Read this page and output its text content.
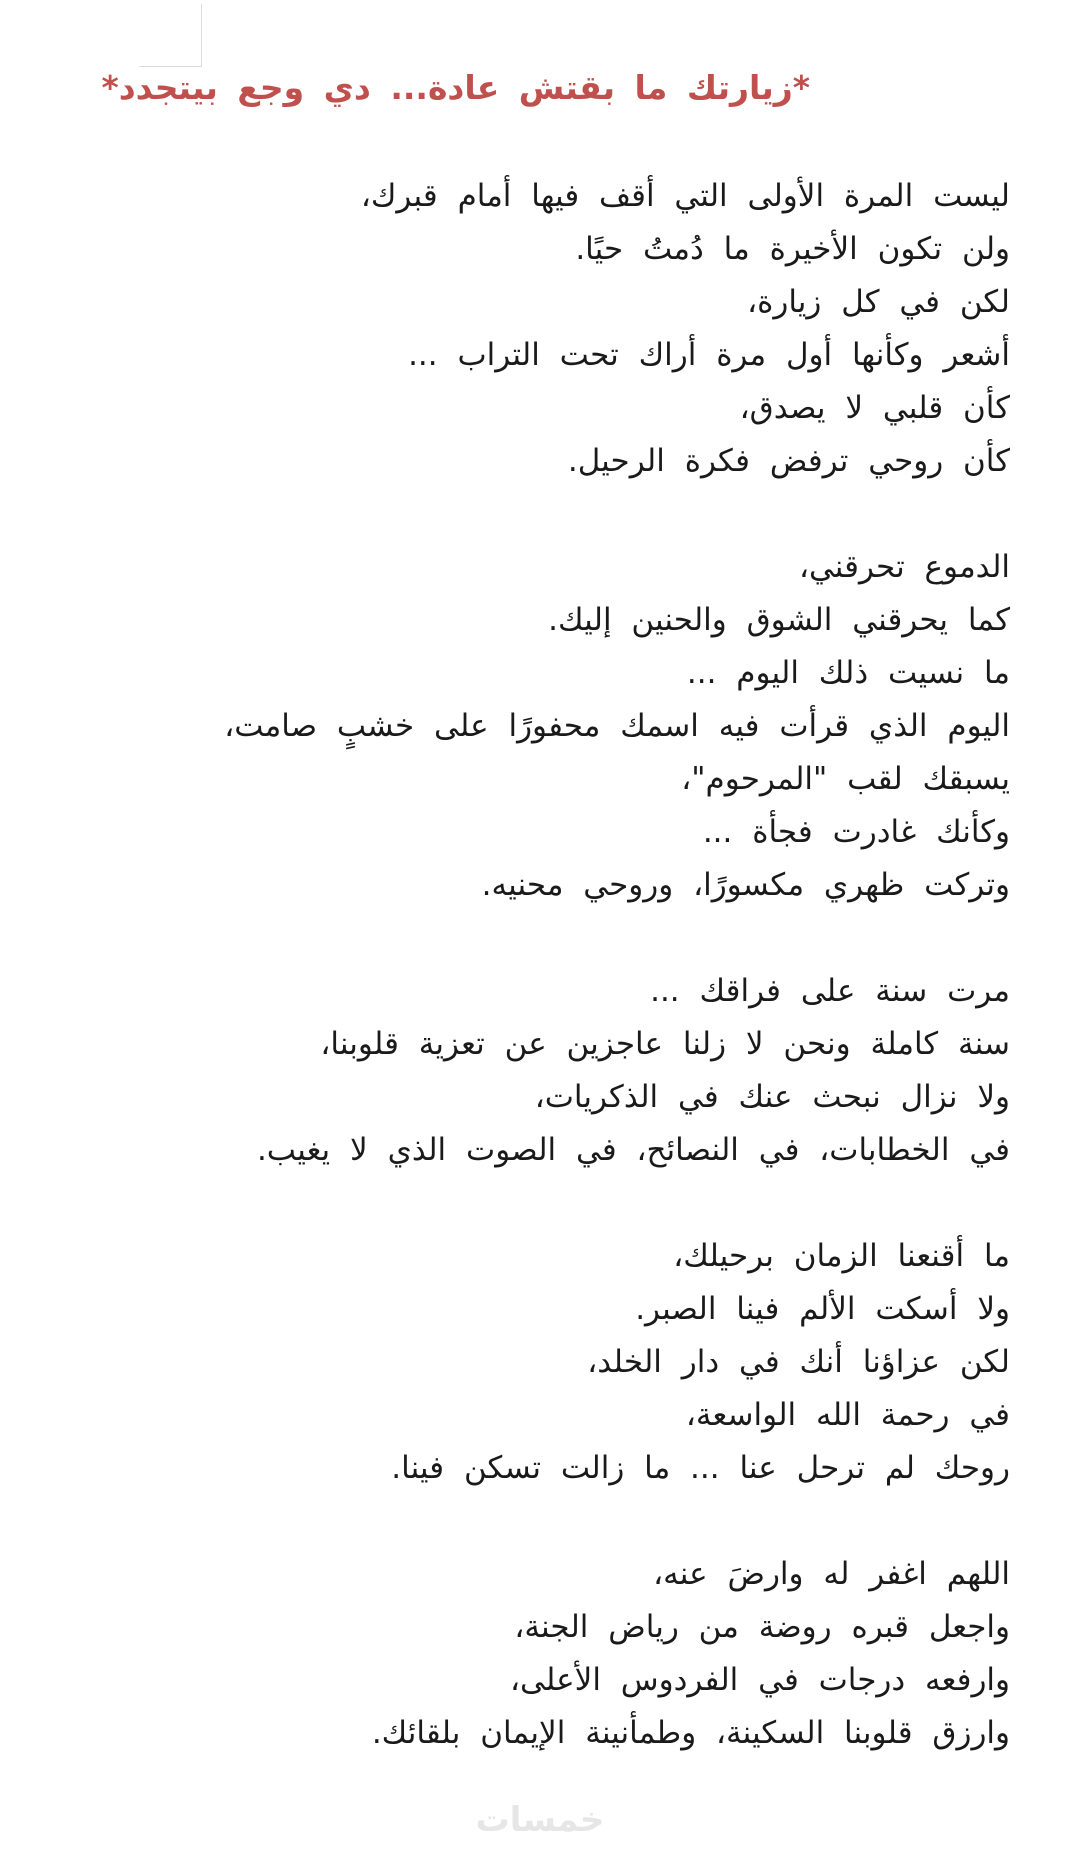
*زيارتك ما بقتش عادة... دي وجع بيتجدد*
ليست المرة الأولى التي أقف فيها أمام قبرك،
ولن تكون الأخيرة ما دُمتُ حيًا.
لكن في كل زيارة،
أشعر وكأنها أول مرة أراك تحت التراب ...
كأن قلبي لا يصدق،
كأن روحي ترفض فكرة الرحيل.
الدموع تحرقني،
كما يحرقني الشوق والحنين إليك.
ما نسيت ذلك اليوم ...
اليوم الذي قرأت فيه اسمك محفورًا على خشبٍ صامت،
يسبقك لقب "المرحوم"،
وكأنك غادرت فجأة ...
وتركت ظهري مكسورًا، وروحي محنيه.
مرت سنة على فراقك ...
سنة كاملة ونحن لا زلنا عاجزين عن تعزية قلوبنا،
ولا نزال نبحث عنك في الذكريات،
في الخطابات، في النصائح، في الصوت الذي لا يغيب.
ما أقنعنا الزمان برحيلك،
ولا أسكت الألم فينا الصبر.
لكن عزاؤنا أنك في دار الخلد،
في رحمة الله الواسعة،
روحك لم ترحل عنا ... ما زالت تسكن فينا.
اللهم اغفر له وارضَ عنه،
واجعل قبره روضة من رياض الجنة،
وارفعه درجات في الفردوس الأعلى،
وارزق قلوبنا السكينة، وطمأنينة الإيمان بلقائك.
خمسات
